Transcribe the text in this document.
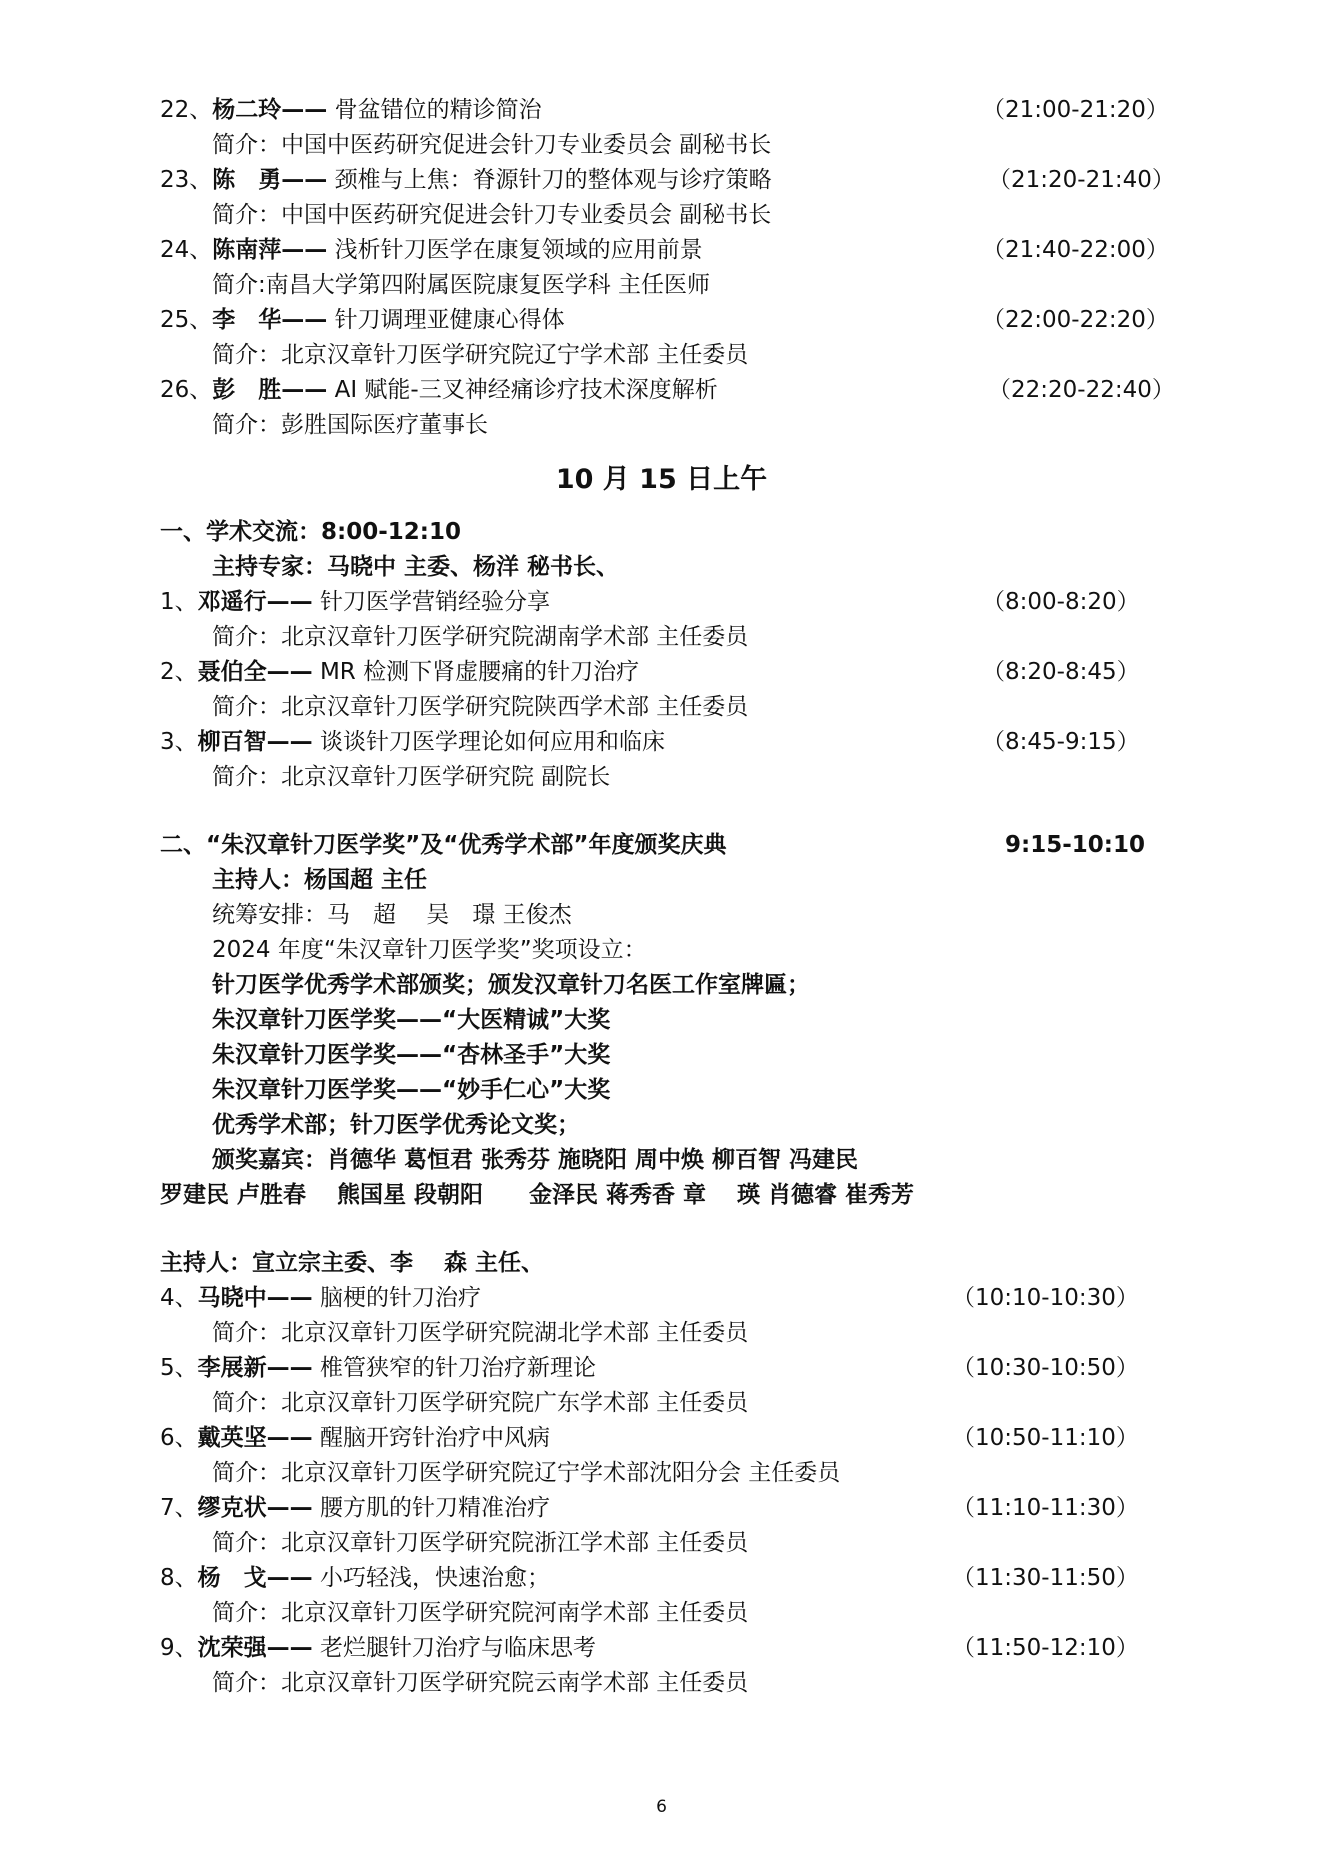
22、杨二玲—— 骨盆错位的精诊简治	（21:00-21:20）
简介：中国中医药研究促进会针刀专业委员会 副秘书长
23、陈　勇—— 颈椎与上焦：脊源针刀的整体观与诊疗策略	（21:20-21:40）
简介：中国中医药研究促进会针刀专业委员会 副秘书长
24、陈南萍—— 浅析针刀医学在康复领域的应用前景	（21:40-22:00）
简介:南昌大学第四附属医院康复医学科 主任医师
25、李　华—— 针刀调理亚健康心得体	（22:00-22:20）
简介：北京汉章针刀医学研究院辽宁学术部 主任委员
26、彭　胜—— AI 赋能-三叉神经痛诊疗技术深度解析	（22:20-22:40）
简介：彭胜国际医疗董事长
10 月 15 日上午
一、学术交流：8:00-12:10
主持专家：马晓中 主委、杨洋 秘书长、
1、邓遥行—— 针刀医学营销经验分享	（8:00-8:20）
简介：北京汉章针刀医学研究院湖南学术部 主任委员
2、聂伯全—— MR 检测下肾虚腰痛的针刀治疗	（8:20-8:45）
简介：北京汉章针刀医学研究院陕西学术部 主任委员
3、柳百智—— 谈谈针刀医学理论如何应用和临床	（8:45-9:15）
简介：北京汉章针刀医学研究院 副院长
二、“朱汉章针刀医学奖”及“优秀学术部”年度颁奖庆典	9:15-10:10
主持人：杨国超 主任
统筹安排：马　超　 吴　璟 王俊杰
2024 年度“朱汉章针刀医学奖”奖项设立：
针刀医学优秀学术部颁奖；颁发汉章针刀名医工作室牌匾；
朱汉章针刀医学奖——“大医精诚”大奖
朱汉章针刀医学奖——“杏林圣手”大奖
朱汉章针刀医学奖——“妙手仁心”大奖
优秀学术部；针刀医学优秀论文奖；
颁奖嘉宾：肖德华 葛恒君 张秀芬 施晓阳 周中焕 柳百智 冯建民
罗建民 卢胜春　 熊国星 段朝阳　　金泽民 蒋秀香 章　 瑛 肖德睿 崔秀芳
主持人：宣立宗主委、李　 森 主任、
4、马晓中—— 脑梗的针刀治疗	（10:10-10:30）
简介：北京汉章针刀医学研究院湖北学术部 主任委员
5、李展新—— 椎管狭窄的针刀治疗新理论	（10:30-10:50）
简介：北京汉章针刀医学研究院广东学术部 主任委员
6、戴英坚—— 醒脑开窍针治疗中风病	（10:50-11:10）
简介：北京汉章针刀医学研究院辽宁学术部沈阳分会 主任委员
7、缪克状—— 腰方肌的针刀精准治疗	（11:10-11:30）
简介：北京汉章针刀医学研究院浙江学术部 主任委员
8、杨　戈—— 小巧轻浅，快速治愈；	（11:30-11:50）
简介：北京汉章针刀医学研究院河南学术部 主任委员
9、沈荣强—— 老烂腿针刀治疗与临床思考	（11:50-12:10）
简介：北京汉章针刀医学研究院云南学术部 主任委员
6
